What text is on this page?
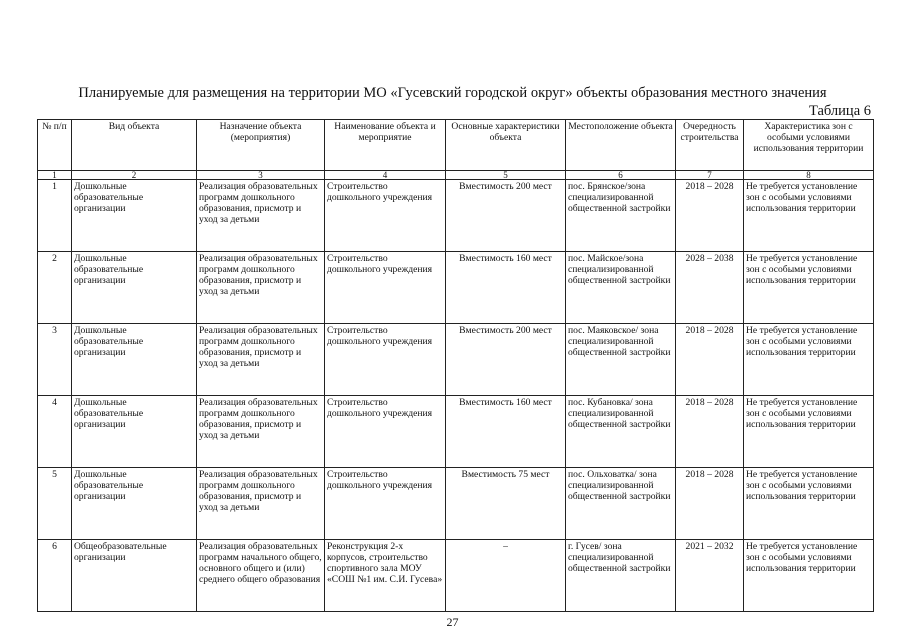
Планируемые для размещения на территории МО «Гусевский городской округ» объекты образования местного значения
Таблица 6
№ п/п	Вид объекта	Назначение объекта (мероприятия)	Наименование объекта и мероприятие	Основные характеристики объекта	Местоположение объекта	Очередность строительства	Характеристика зон с особыми условиями использования территории
1	2	3	4	5	6	7	8
1	Дошкольные образовательные организации	Реализация образовательных программ дошкольного образования, присмотр и уход за детьми	Строительство дошкольного учреждения	Вместимость 200 мест	пос. Брянское/зона специализированной общественной застройки	2018 – 2028	Не требуется установление зон с особыми условиями использования территории
2	Дошкольные образовательные организации	Реализация образовательных программ дошкольного образования, присмотр и уход за детьми	Строительство дошкольного учреждения	Вместимость 160 мест	пос. Майское/зона специализированной общественной застройки	2028 – 2038	Не требуется установление зон с особыми условиями использования территории
3	Дошкольные образовательные организации	Реализация образовательных программ дошкольного образования, присмотр и уход за детьми	Строительство дошкольного учреждения	Вместимость 200 мест	пос. Маяковское/ зона специализированной общественной застройки	2018 – 2028	Не требуется установление зон с особыми условиями использования территории
4	Дошкольные образовательные организации	Реализация образовательных программ дошкольного образования, присмотр и уход за детьми	Строительство дошкольного учреждения	Вместимость 160 мест	пос. Кубановка/ зона специализированной общественной застройки	2018 – 2028	Не требуется установление зон с особыми условиями использования территории
5	Дошкольные образовательные организации	Реализация образовательных программ дошкольного образования, присмотр и уход за детьми	Строительство дошкольного учреждения	Вместимость 75 мест	пос. Ольховатка/ зона специализированной общественной застройки	2018 – 2028	Не требуется установление зон с особыми условиями использования территории
6	Общеобразовательные организации	Реализация образовательных программ начального общего, основного общего и (или) среднего общего образования	Реконструкция 2-х корпусов, строительство спортивного зала МОУ «СОШ №1 им. С.И. Гусева»	–	г. Гусев/ зона специализированной общественной застройки	2021 – 2032	Не требуется установление зон с особыми условиями использования территории
27
